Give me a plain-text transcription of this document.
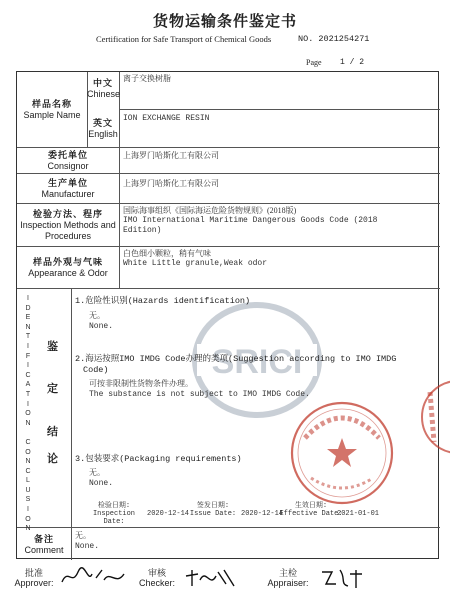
货物运输条件鉴定书
Certification for Safe Transport of Chemical Goods	NO. 2021254271
Page 1 / 2
SRICI
样品名称
Sample Name
中文
Chinese
英文
English
离子交换树脂
ION EXCHANGE RESIN
委托单位
Consignor
上海罗门哈斯化工有限公司
生产单位
Manufacturer
上海罗门哈斯化工有限公司
检验方法、程序
Inspection Methods and
Procedures
国际海事组织《国际海运危险货物规则》(2018版)
IMO International Maritime Dangerous Goods Code (2018
Edition)
样品外观与气味
Appearance & Odor
白色细小颗粒，稍有气味
White Little granule,Weak odor
I
D
E
N
T
I
F
I
C
A
T
I
O
N

C
O
N
C
L
U
S
I
O
N
鉴
定
结
论
1.危险性识别(Hazards identification)
无。
None.
2.海运按照IMO IMDG Code办理的类项(Suggestion according to IMO IMDG
Code)
可按非限制性货物条件办理。
The substance is not subject to IMO IMDG Code.
3.包装要求(Packaging requirements)
无。
None.
检验日期:
Inspection Date:
2020-12-14
签发日期:
Issue Date: 2020-12-14
生效日期:
Effective Date:
2021-01-01
备注
Comment
无。
None.
批准
Approver:
审核
Checker:
主检
Appraiser:
